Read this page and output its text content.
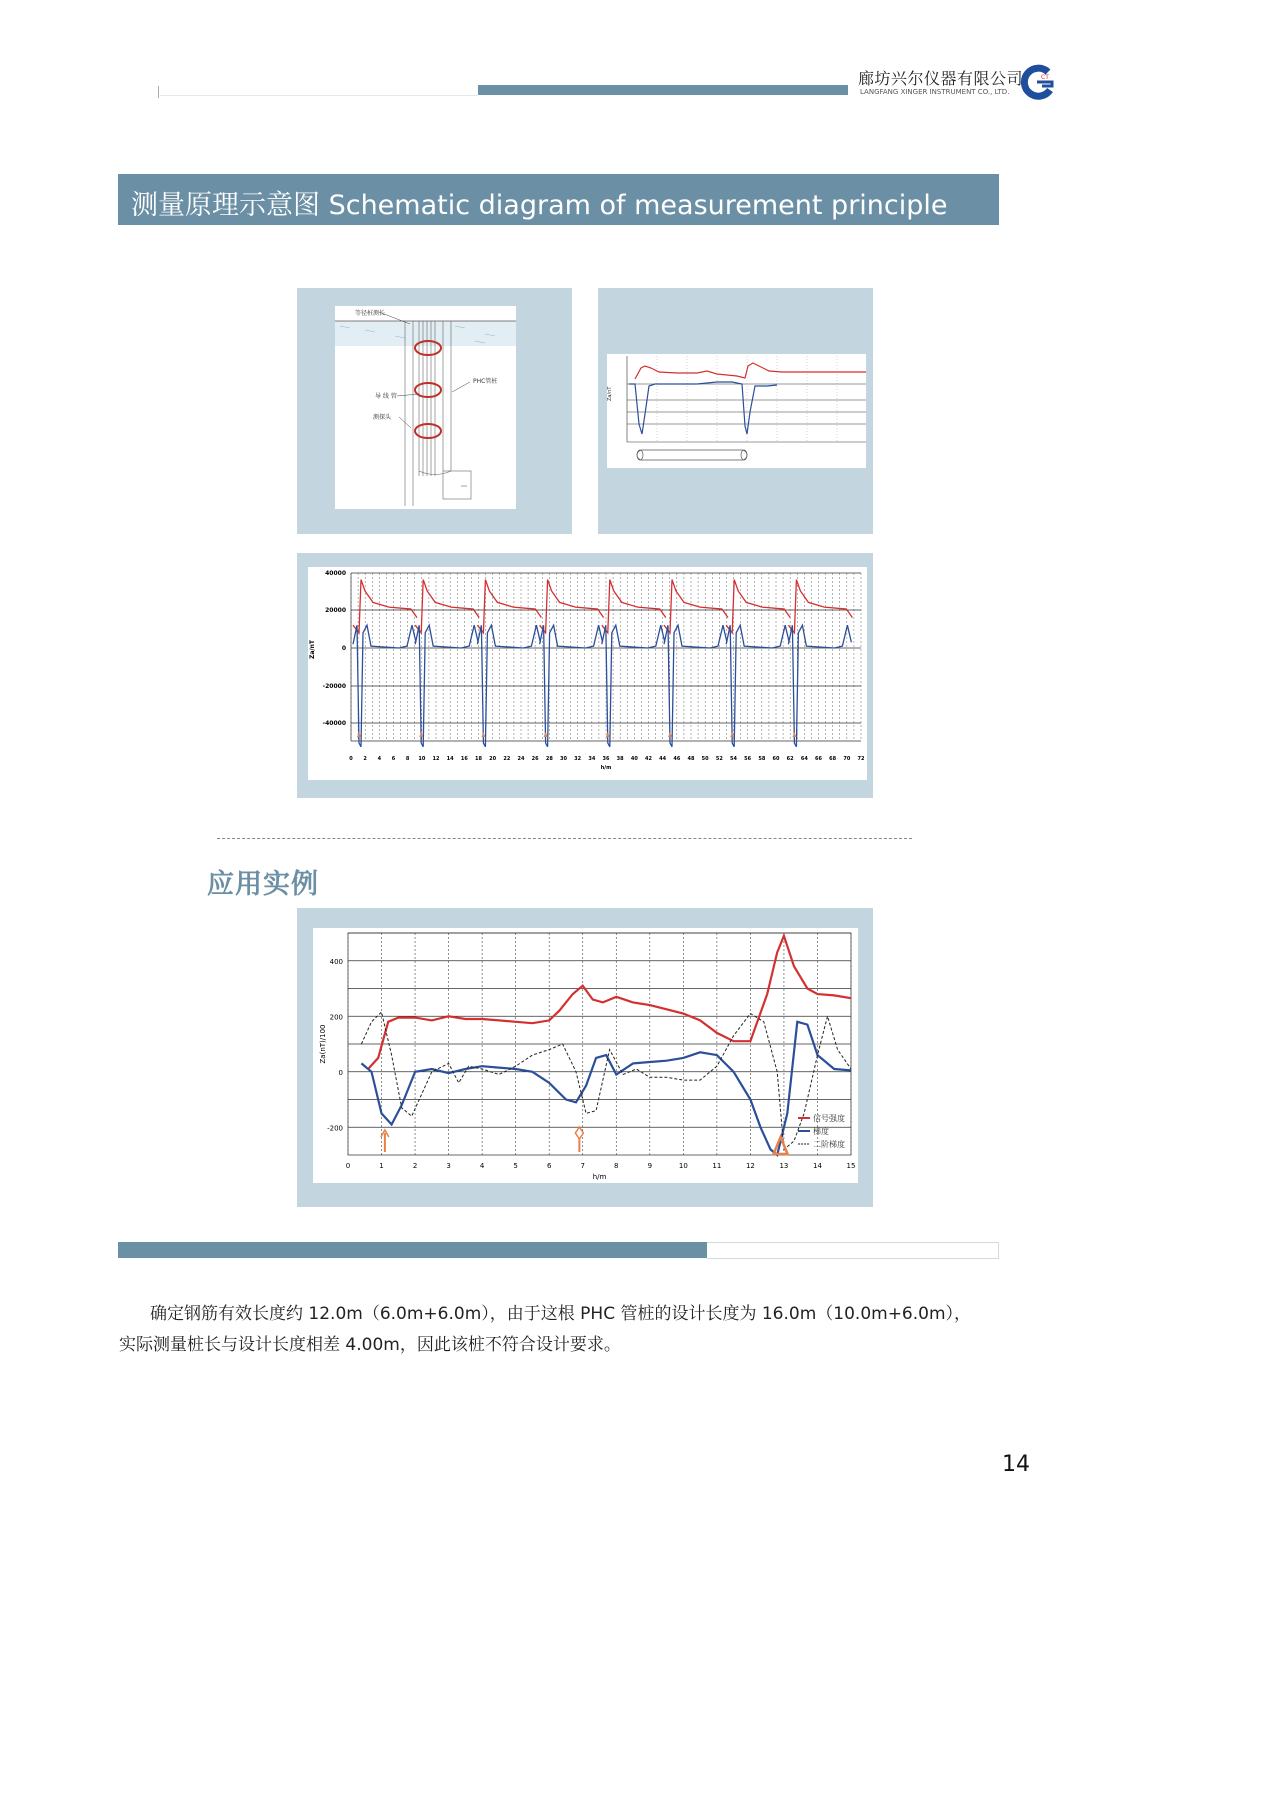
廊坊兴尔仪器有限公司
LANGFANG XINGER INSTRUMENT CO., LTD.
CT
测量原理示意图 Schematic diagram of measurement principle
等径桩测长
导 线 管
测探头
PHC管桩
Za/nT
40000
20000
0
-20000
-40000
Za/nT
0 2 4 6 8 10 12 14 16 18 20 22 24 26 28 30 32 34 36 38 40 42 44 46 48 50 52 54 56 58 60 62 64 66 68 70 72
h/m
应用实例
0	1	2	3	4	5	6	7	8	9	10	11	12	13	14	15
400
200
0
-200
h/m
Za(nT)/100
信号强度
梯度
二阶梯度
确定钢筋有效长度约 12.0m（6.0m+6.0m），由于这根 PHC 管桩的设计长度为 16.0m（10.0m+6.0m），
实际测量桩长与设计长度相差 4.00m，因此该桩不符合设计要求。
14
